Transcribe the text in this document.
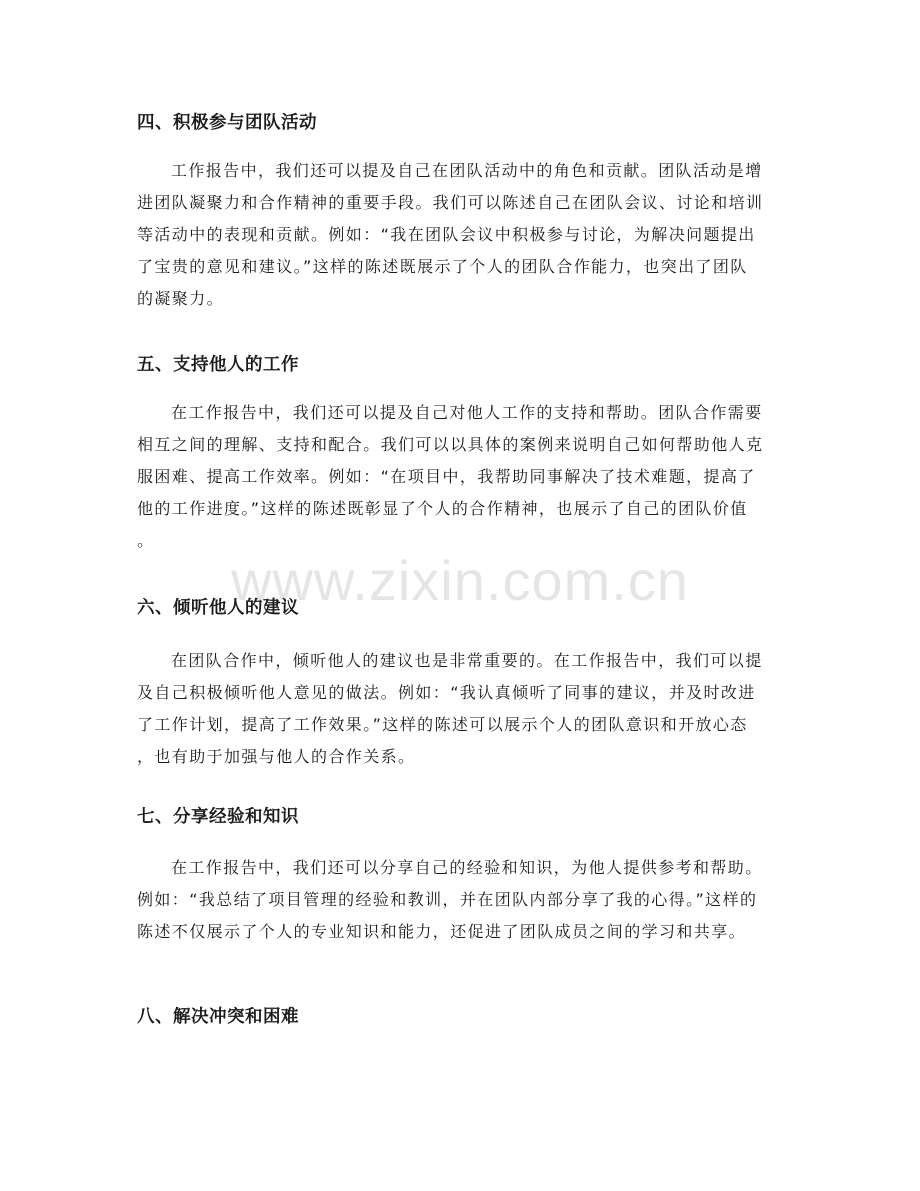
www.zixin.com.cn
四、积极参与团队活动
工作报告中，我们还可以提及自己在团队活动中的角色和贡献。团队活动是增
进团队凝聚力和合作精神的重要手段。我们可以陈述自己在团队会议、讨论和培训
等活动中的表现和贡献。例如：“我在团队会议中积极参与讨论，为解决问题提出
了宝贵的意见和建议。”这样的陈述既展示了个人的团队合作能力，也突出了团队
的凝聚力。
五、支持他人的工作
在工作报告中，我们还可以提及自己对他人工作的支持和帮助。团队合作需要
相互之间的理解、支持和配合。我们可以以具体的案例来说明自己如何帮助他人克
服困难、提高工作效率。例如：“在项目中，我帮助同事解决了技术难题，提高了
他的工作进度。”这样的陈述既彰显了个人的合作精神，也展示了自己的团队价值
。
六、倾听他人的建议
在团队合作中，倾听他人的建议也是非常重要的。在工作报告中，我们可以提
及自己积极倾听他人意见的做法。例如：“我认真倾听了同事的建议，并及时改进
了工作计划，提高了工作效果。”这样的陈述可以展示个人的团队意识和开放心态
，也有助于加强与他人的合作关系。
七、分享经验和知识
在工作报告中，我们还可以分享自己的经验和知识，为他人提供参考和帮助。
例如：“我总结了项目管理的经验和教训，并在团队内部分享了我的心得。”这样的
陈述不仅展示了个人的专业知识和能力，还促进了团队成员之间的学习和共享。
八、解决冲突和困难
